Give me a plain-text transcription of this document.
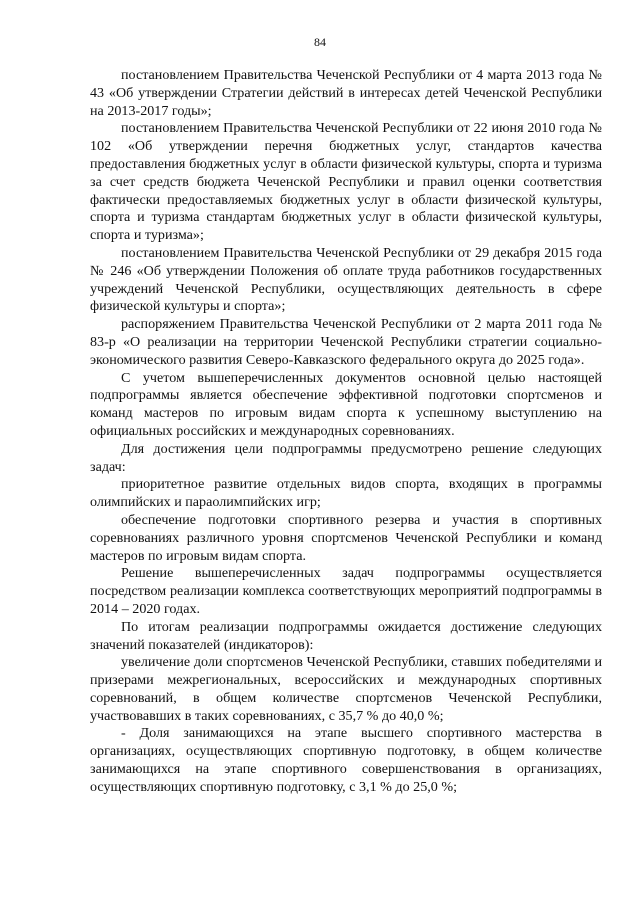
84

постановлением Правительства Чеченской Республики от 4 марта 2013 года № 43 «Об утверждении Стратегии действий в интересах детей Чеченской Республики на 2013-2017 годы»;

постановлением Правительства Чеченской Республики от 22 июня 2010 года № 102 «Об утверждении перечня бюджетных услуг, стандартов качества предоставления бюджетных услуг в области физической культуры, спорта и туризма за счет средств бюджета Чеченской Республики и правил оценки соответствия фактически предоставляемых бюджетных услуг в области физической культуры, спорта и туризма стандартам бюджетных услуг в области физической культуры, спорта и туризма»;

постановлением Правительства Чеченской Республики от 29 декабря 2015 года № 246 «Об утверждении Положения об оплате труда работников государственных учреждений Чеченской Республики, осуществляющих деятельность в сфере физической культуры и спорта»;

распоряжением Правительства Чеченской Республики от 2 марта 2011 года № 83-р «О реализации на территории Чеченской Республики стратегии социально-экономического развития Северо-Кавказского федерального округа до 2025 года».

С учетом вышеперечисленных документов основной целью настоящей подпрограммы является обеспечение эффективной подготовки спортсменов и команд мастеров по игровым видам спорта к успешному выступлению на официальных российских и международных соревнованиях.

Для достижения цели подпрограммы предусмотрено решение следующих задач:

приоритетное развитие отдельных видов спорта, входящих в программы олимпийских и параолимпийских игр;

обеспечение подготовки спортивного резерва и участия в спортивных соревнованиях различного уровня спортсменов Чеченской Республики и команд мастеров по игровым видам спорта.

Решение вышеперечисленных задач подпрограммы осуществляется посредством реализации комплекса соответствующих мероприятий подпрограммы в 2014 – 2020 годах.

По итогам реализации подпрограммы ожидается достижение следующих значений показателей (индикаторов):

увеличение доли спортсменов Чеченской Республики, ставших победителями и призерами межрегиональных, всероссийских и международных спортивных соревнований, в общем количестве спортсменов Чеченской Республики, участвовавших в таких соревнованиях, с 35,7 % до 40,0 %;

- Доля занимающихся на этапе высшего спортивного мастерства в организациях, осуществляющих спортивную подготовку, в общем количестве занимающихся на этапе спортивного совершенствования в организациях, осуществляющих спортивную подготовку, с 3,1 % до 25,0 %;
